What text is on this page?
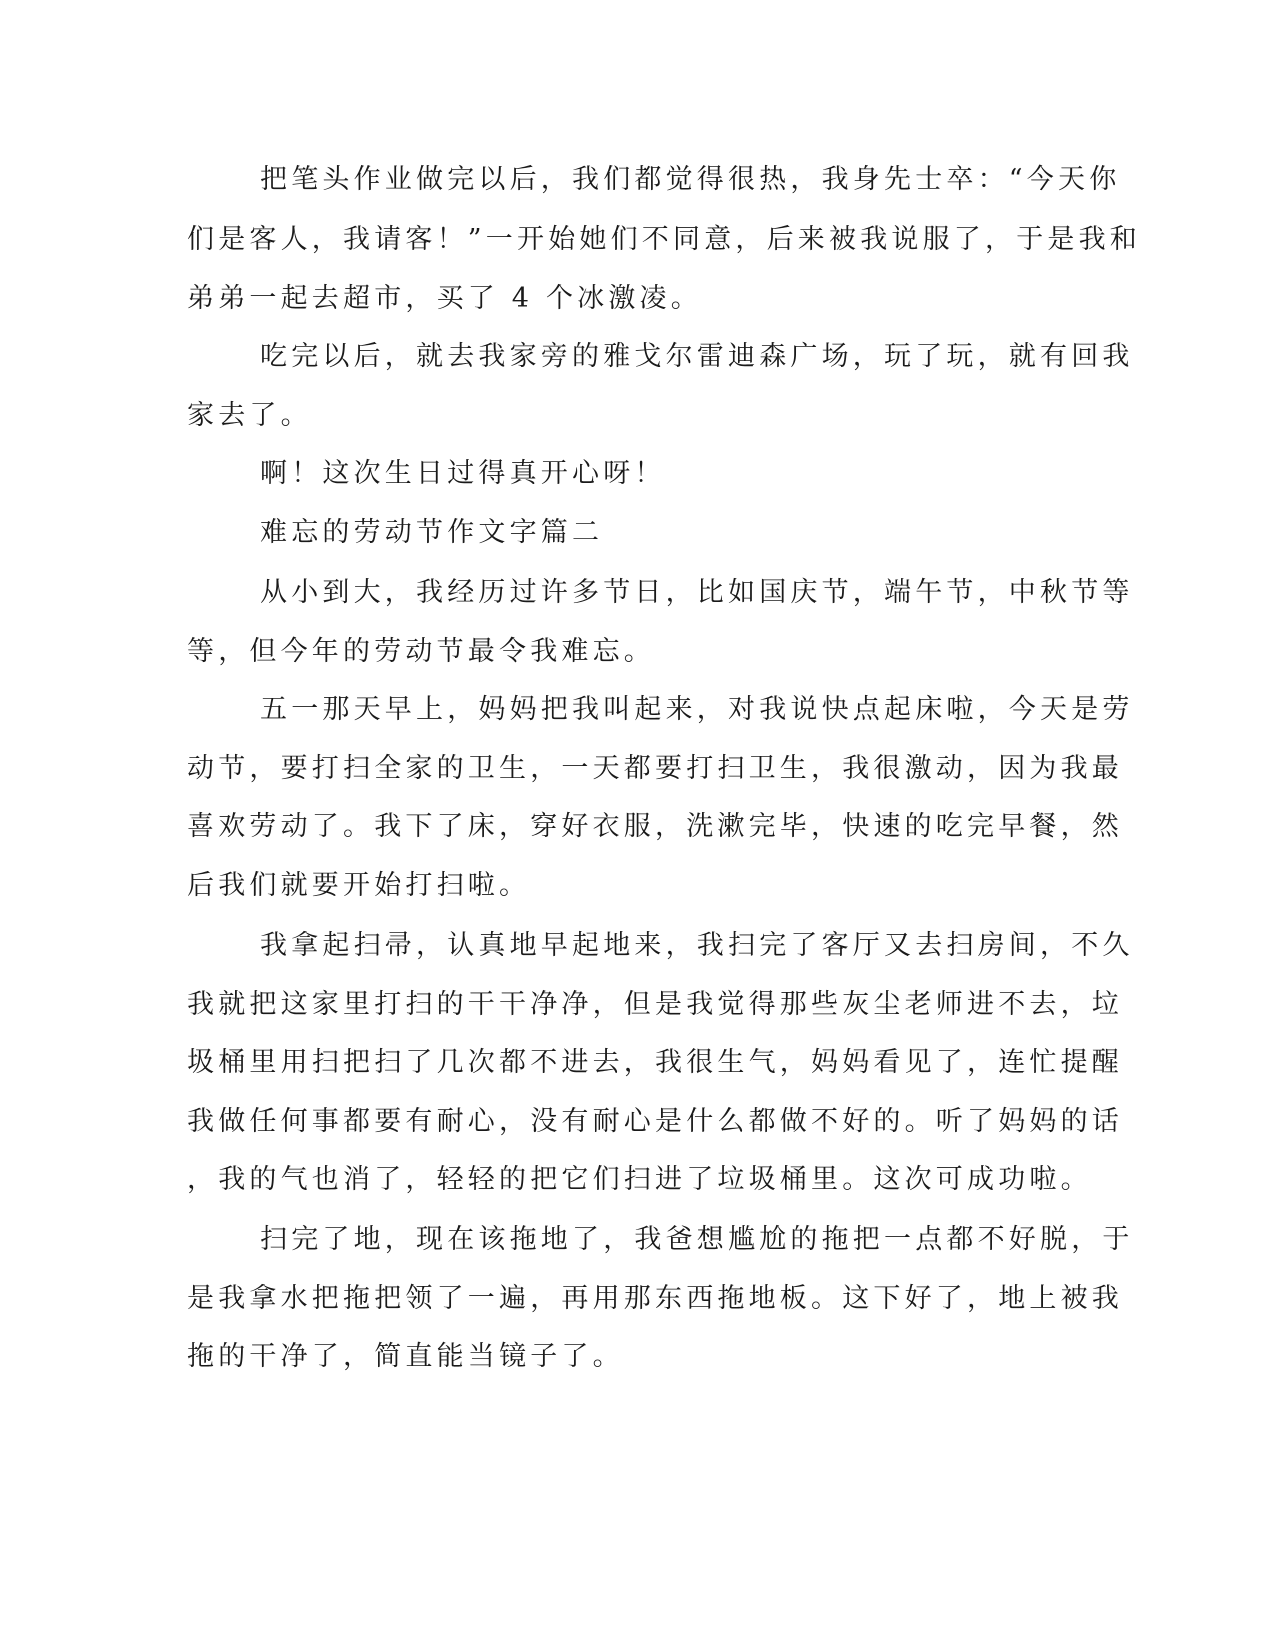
把笔头作业做完以后，我们都觉得很热，我身先士卒：“今天你
们是客人，我请客！”一开始她们不同意，后来被我说服了，于是我和
弟弟一起去超市，买了 4 个冰激凌。
吃完以后，就去我家旁的雅戈尔雷迪森广场，玩了玩，就有回我
家去了。
啊！这次生日过得真开心呀！
难忘的劳动节作文字篇二
从小到大，我经历过许多节日，比如国庆节，端午节，中秋节等
等，但今年的劳动节最令我难忘。
五一那天早上，妈妈把我叫起来，对我说快点起床啦，今天是劳
动节，要打扫全家的卫生，一天都要打扫卫生，我很激动，因为我最
喜欢劳动了。我下了床，穿好衣服，洗漱完毕，快速的吃完早餐，然
后我们就要开始打扫啦。
我拿起扫帚，认真地早起地来，我扫完了客厅又去扫房间，不久
我就把这家里打扫的干干净净，但是我觉得那些灰尘老师进不去，垃
圾桶里用扫把扫了几次都不进去，我很生气，妈妈看见了，连忙提醒
我做任何事都要有耐心，没有耐心是什么都做不好的。听了妈妈的话
，我的气也消了，轻轻的把它们扫进了垃圾桶里。这次可成功啦。
扫完了地，现在该拖地了，我爸想尴尬的拖把一点都不好脱，于
是我拿水把拖把领了一遍，再用那东西拖地板。这下好了，地上被我
拖的干净了，简直能当镜子了。
